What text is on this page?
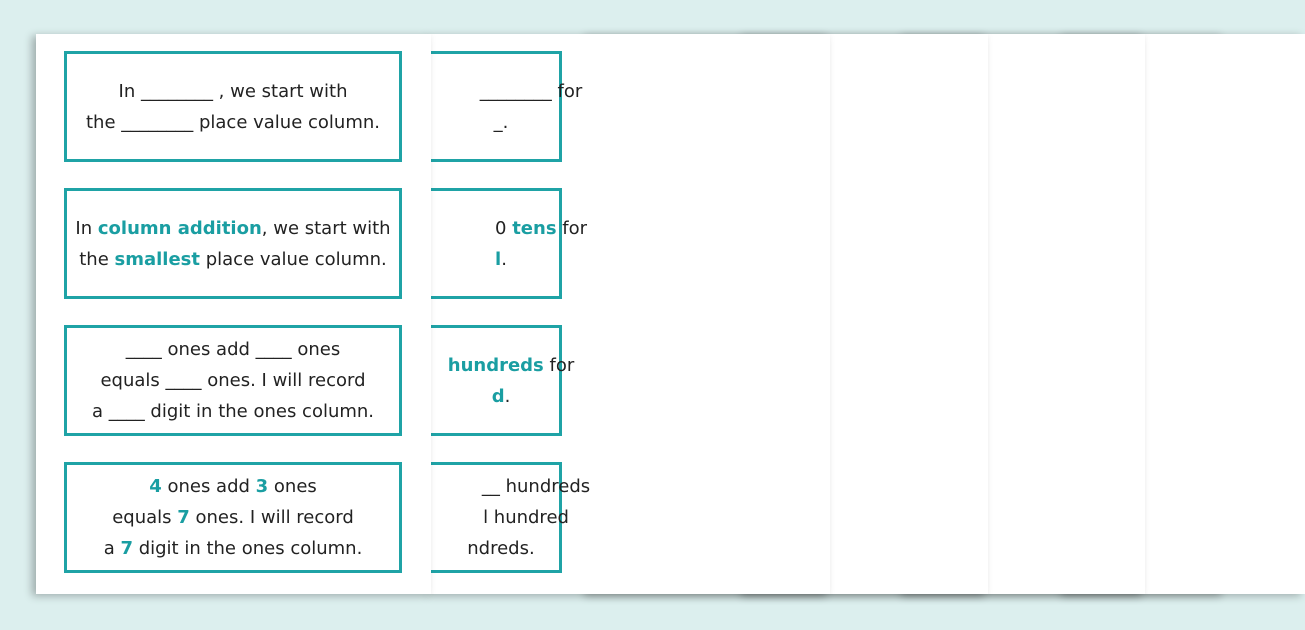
________ for
_.
0 tens for
l.
hundreds for
d.
__ hundreds
l hundred
ndreds.
In ________ , we start with
the ________ place value column.
In column addition, we start with
the smallest place value column.
____ ones add ____ ones
equals ____ ones. I will record
a ____ digit in the ones column.
4 ones add 3 ones
equals 7 ones. I will record
a 7 digit in the ones column.
